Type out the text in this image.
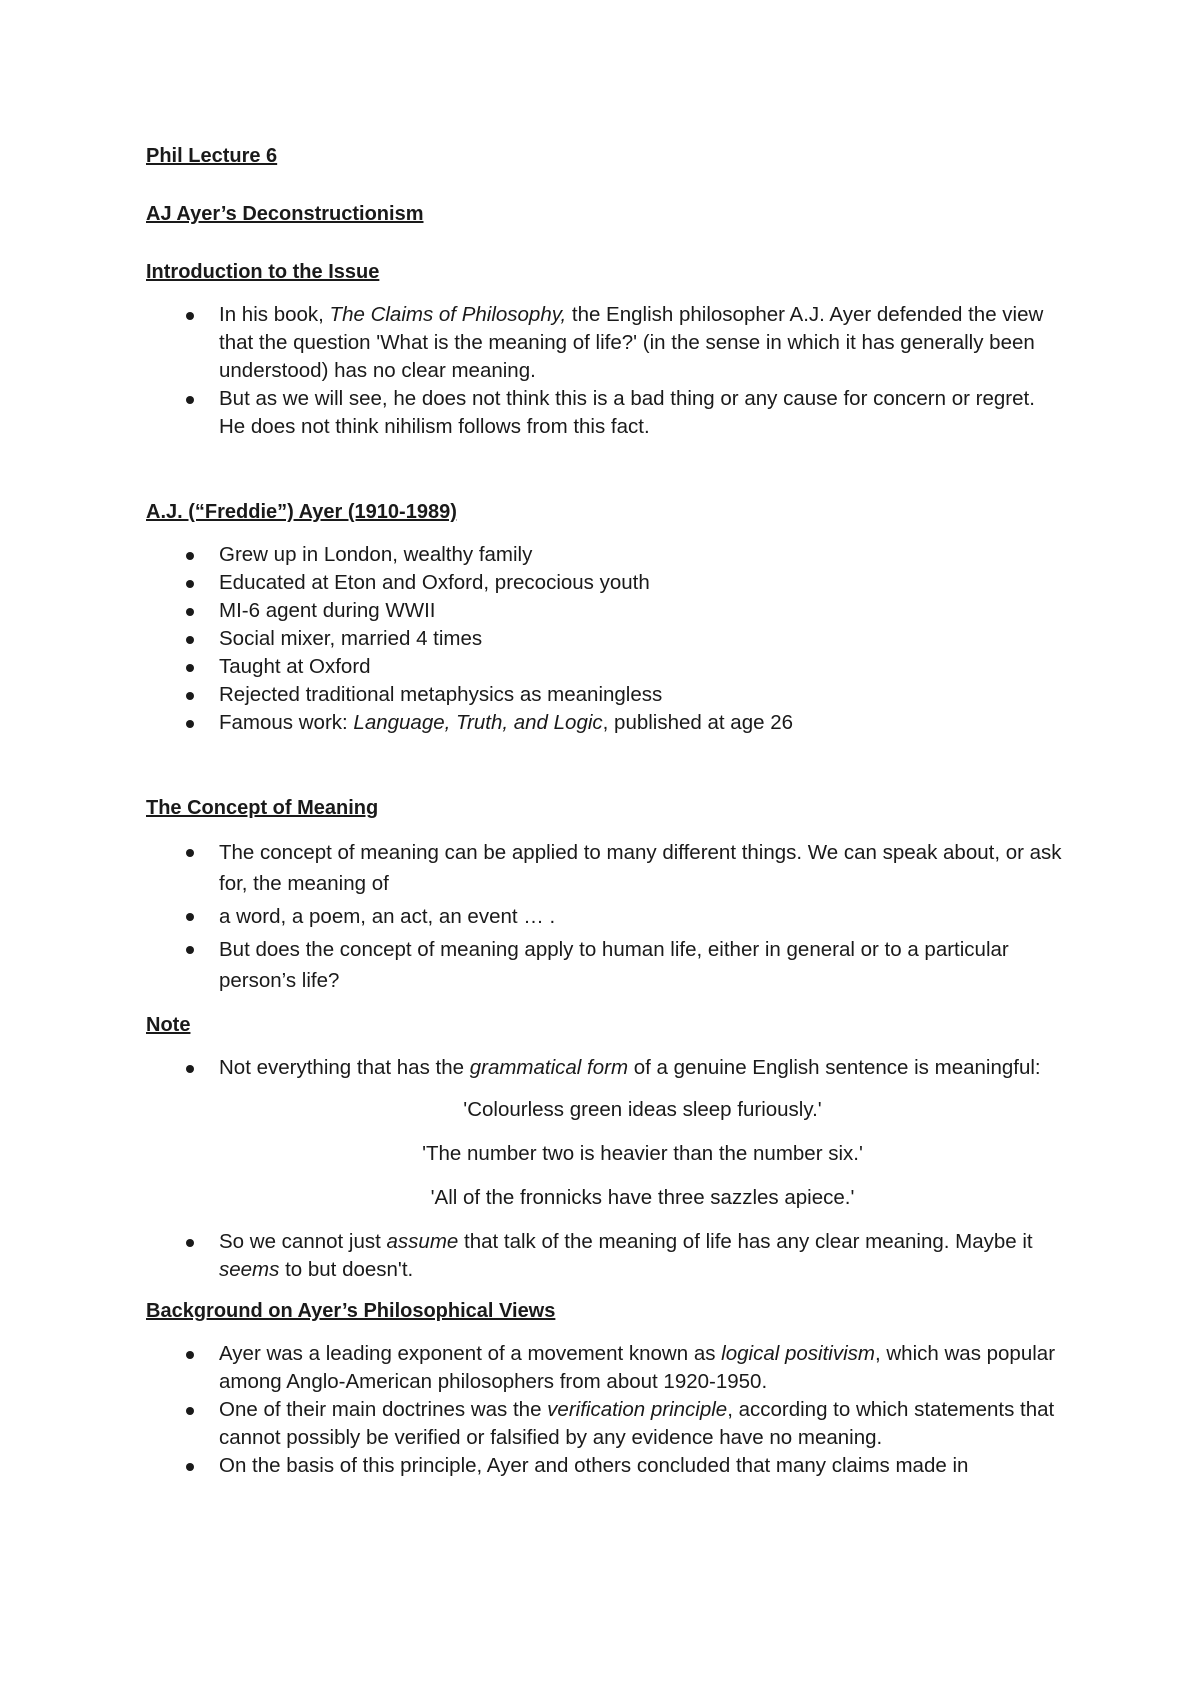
Phil Lecture 6

AJ Ayer’s Deconstructionism

Introduction to the Issue

In his book, The Claims of Philosophy, the English philosopher A.J. Ayer defended the view that the question 'What is the meaning of life?' (in the sense in which it has generally been understood) has no clear meaning.
But as we will see, he does not think this is a bad thing or any cause for concern or regret. He does not think nihilism follows from this fact.

A.J. (“Freddie”) Ayer (1910-1989)

Grew up in London, wealthy family
Educated at Eton and Oxford, precocious youth
MI-6 agent during WWII
Social mixer, married 4 times
Taught at Oxford
Rejected traditional metaphysics as meaningless
Famous work: Language, Truth, and Logic, published at age 26

The Concept of Meaning

The concept of meaning can be applied to many different things. We can speak about, or ask for, the meaning of
a word, a poem, an act, an event … .
But does the concept of meaning apply to human life, either in general or to a particular person’s life?

Note

Not everything that has the grammatical form of a genuine English sentence is meaningful:

'Colourless green ideas sleep furiously.'

'The number two is heavier than the number six.'

'All of the fronnicks have three sazzles apiece.'

So we cannot just assume that talk of the meaning of life has any clear meaning. Maybe it seems to but doesn't.

Background on Ayer’s Philosophical Views

Ayer was a leading exponent of a movement known as logical positivism, which was popular among Anglo-American philosophers from about 1920-1950.
One of their main doctrines was the verification principle, according to which statements that cannot possibly be verified or falsified by any evidence have no meaning.
On the basis of this principle, Ayer and others concluded that many claims made in
